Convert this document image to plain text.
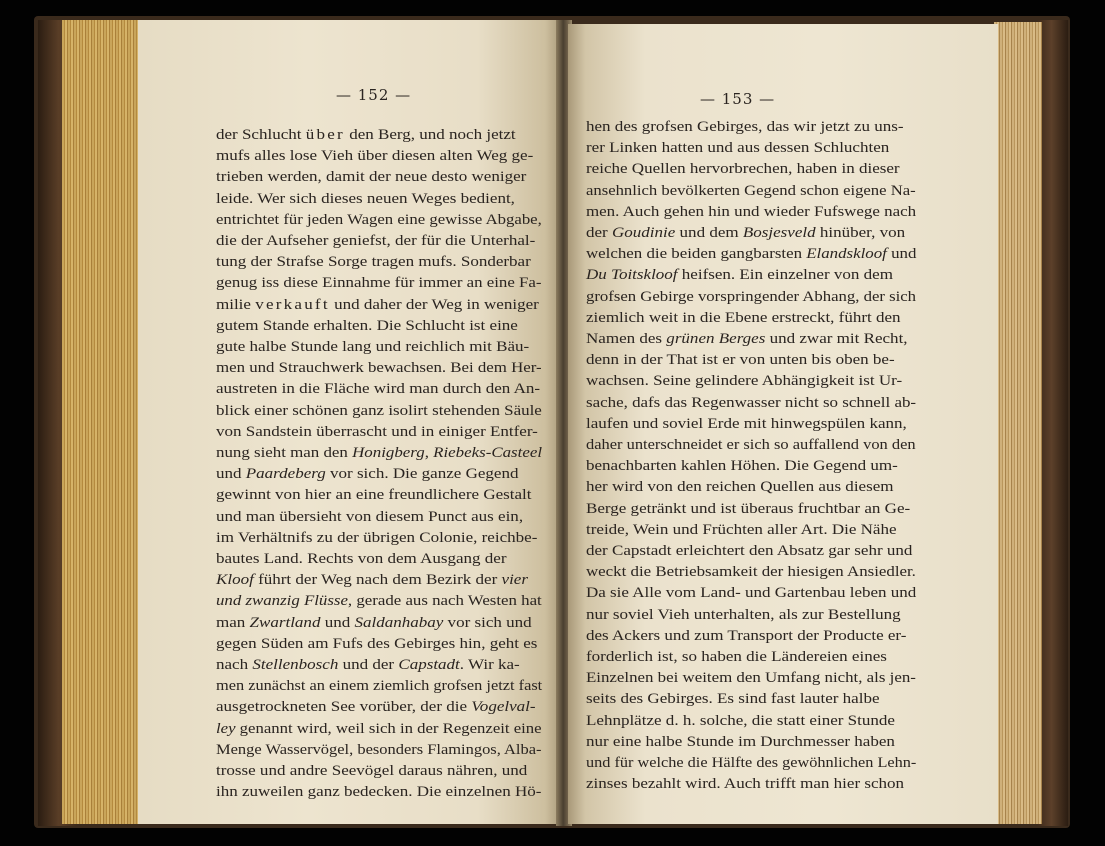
— 152 —
der Schlucht über den Berg, und noch jetzt
mufs alles lose Vieh über diesen alten Weg ge-
trieben werden, damit der neue desto weniger
leide. Wer sich dieses neuen Weges bedient,
entrichtet für jeden Wagen eine gewisse Abgabe,
die der Aufseher geniefst, der für die Unterhal-
tung der Strafse Sorge tragen mufs. Sonderbar
genug iss diese Einnahme für immer an eine Fa-
milie verkauft und daher der Weg in weniger
gutem Stande erhalten. Die Schlucht ist eine
gute halbe Stunde lang und reichlich mit Bäu-
men und Strauchwerk bewachsen. Bei dem Her-
austreten in die Fläche wird man durch den An-
blick einer schönen ganz isolirt stehenden Säule
von Sandstein überrascht und in einiger Entfer-
nung sieht man den Honigberg, Riebeks-Casteel
und Paardeberg vor sich. Die ganze Gegend
gewinnt von hier an eine freundlichere Gestalt
und man übersieht von diesem Punct aus ein,
im Verhältnifs zu der übrigen Colonie, reichbe-
bautes Land. Rechts von dem Ausgang der
Kloof führt der Weg nach dem Bezirk der vier
und zwanzig Flüsse, gerade aus nach Westen hat
man Zwartland und Saldanhabay vor sich und
gegen Süden am Fufs des Gebirges hin, geht es
nach Stellenbosch und der Capstadt. Wir ka-
men zunächst an einem ziemlich grofsen jetzt fast
ausgetrockneten See vorüber, der die Vogelval-
ley genannt wird, weil sich in der Regenzeit eine
Menge Wasservögel, besonders Flamingos, Alba-
trosse und andre Seevögel daraus nähren, und
ihn zuweilen ganz bedecken. Die einzelnen Hö-
— 153 —
hen des grofsen Gebirges, das wir jetzt zu uns-
rer Linken hatten und aus dessen Schluchten
reiche Quellen hervorbrechen, haben in dieser
ansehnlich bevölkerten Gegend schon eigene Na-
men. Auch gehen hin und wieder Fufswege nach
der Goudinie und dem Bosjesveld hinüber, von
welchen die beiden gangbarsten Elandskloof und
Du Toitskloof heifsen. Ein einzelner von dem
grofsen Gebirge vorspringender Abhang, der sich
ziemlich weit in die Ebene erstreckt, führt den
Namen des grünen Berges und zwar mit Recht,
denn in der That ist er von unten bis oben be-
wachsen. Seine gelindere Abhängigkeit ist Ur-
sache, dafs das Regenwasser nicht so schnell ab-
laufen und soviel Erde mit hinwegspülen kann,
daher unterschneidet er sich so auffallend von den
benachbarten kahlen Höhen. Die Gegend um-
her wird von den reichen Quellen aus diesem
Berge getränkt und ist überaus fruchtbar an Ge-
treide, Wein und Früchten aller Art. Die Nähe
der Capstadt erleichtert den Absatz gar sehr und
weckt die Betriebsamkeit der hiesigen Ansiedler.
Da sie Alle vom Land- und Gartenbau leben und
nur soviel Vieh unterhalten, als zur Bestellung
des Ackers und zum Transport der Producte er-
forderlich ist, so haben die Ländereien eines
Einzelnen bei weitem den Umfang nicht, als jen-
seits des Gebirges. Es sind fast lauter halbe
Lehnplätze d. h. solche, die statt einer Stunde
nur eine halbe Stunde im Durchmesser haben
und für welche die Hälfte des gewöhnlichen Lehn-
zinses bezahlt wird. Auch trifft man hier schon
